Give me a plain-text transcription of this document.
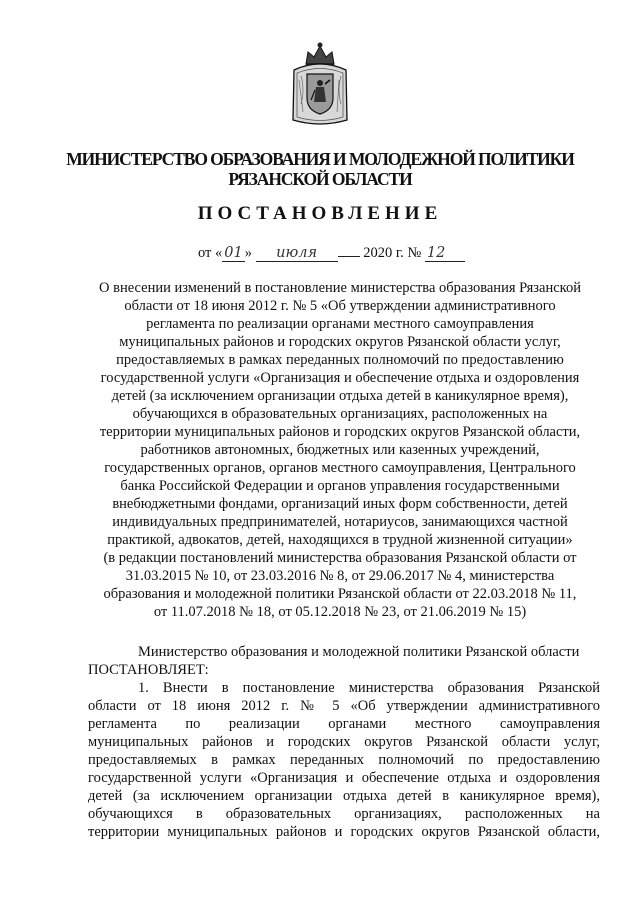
МИНИСТЕРСТВО ОБРАЗОВАНИЯ И МОЛОДЕЖНОЙ ПОЛИТИКИ
РЯЗАНСКОЙ ОБЛАСТИ
ПОСТАНОВЛЕНИЕ
от « 01 » июля	2020 г. № 12
О внесении изменений в постановление министерства образования Рязанской
области от 18 июня 2012 г. № 5 «Об утверждении административного
регламента по реализации органами местного самоуправления
муниципальных районов и городских округов Рязанской области услуг,
предоставляемых в рамках переданных полномочий по предоставлению
государственной услуги «Организация и обеспечение отдыха и оздоровления
детей (за исключением организации отдыха детей в каникулярное время),
обучающихся в образовательных организациях, расположенных на
территории муниципальных районов и городских округов Рязанской области,
работников автономных, бюджетных или казенных учреждений,
государственных органов, органов местного самоуправления, Центрального
банка Российской Федерации и органов управления государственными
внебюджетными фондами, организаций иных форм собственности, детей
индивидуальных предпринимателей, нотариусов, занимающихся частной
практикой, адвокатов, детей, находящихся в трудной жизненной ситуации»
(в редакции постановлений министерства образования Рязанской области от
31.03.2015 № 10, от 23.03.2016 № 8, от 29.06.2017 № 4, министерства
образования и молодежной политики Рязанской области от 22.03.2018 № 11,
от 11.07.2018 № 18, от 05.12.2018 № 23, от 21.06.2019 № 15)
Министерство образования и молодежной политики Рязанской области
ПОСТАНОВЛЯЕТ:
1. Внести в постановление министерства образования Рязанской
области от 18 июня 2012 г. № 5 «Об утверждении административного
регламента по реализации органами местного самоуправления
муниципальных районов и городских округов Рязанской области услуг,
предоставляемых в рамках переданных полномочий по предоставлению
государственной услуги «Организация и обеспечение отдыха и оздоровления
детей (за исключением организации отдыха детей в каникулярное время),
обучающихся в образовательных организациях, расположенных на
территории муниципальных районов и городских округов Рязанской области,
